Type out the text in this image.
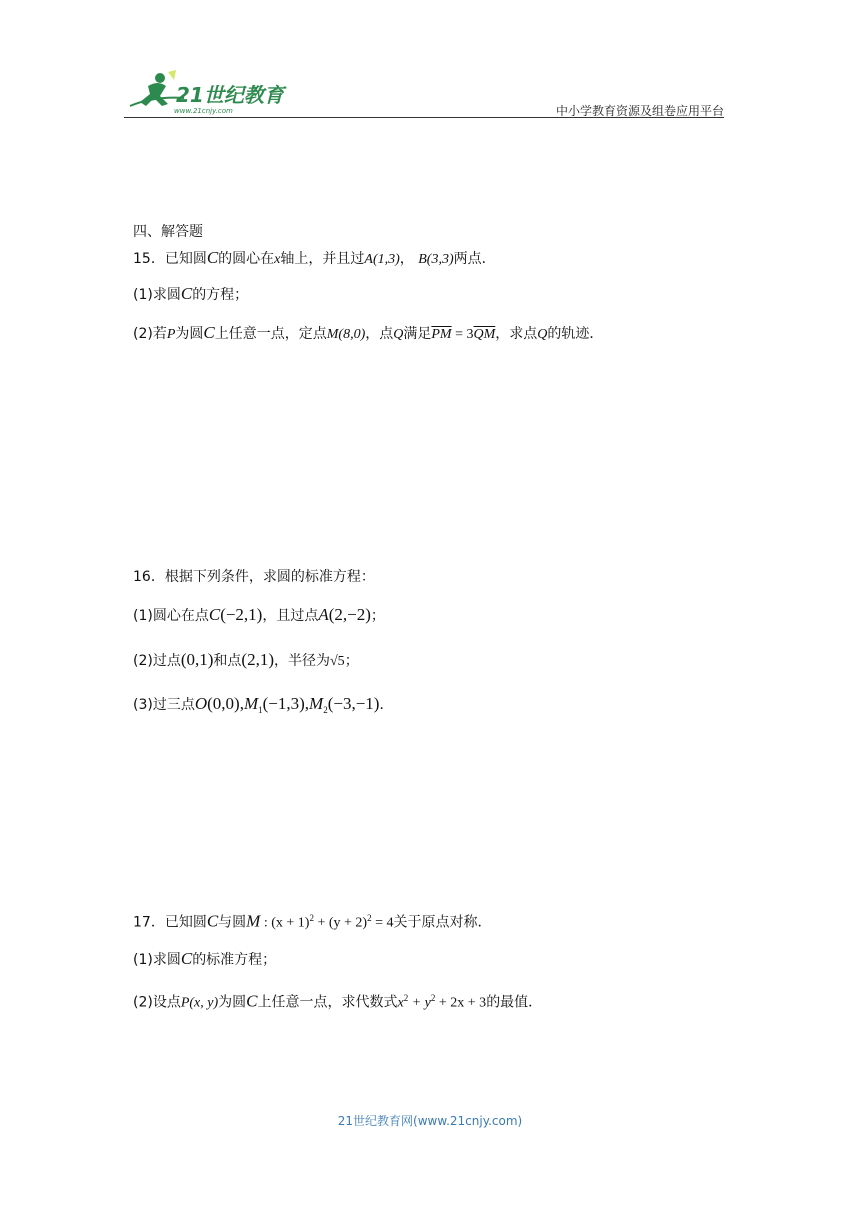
21世纪教育
www.21cnjy.com	中小学教育资源及组卷应用平台
四、解答题
15．已知圆C的圆心在x轴上，并且过A(1,3)， B(3,3)两点．
(1)求圆C的方程；
(2)若P为圆C上任意一点，定点M(8,0)，点Q满足$\overline{PM} = 3\overline{QM}$，求点Q的轨迹．
16．根据下列条件，求圆的标准方程：
(1)圆心在点C(−2,1)，且过点A(2,−2)；
(2)过点(0,1)和点(2,1)，半径为√5；
(3)过三点$O(0,0),M_1(-1,3),M_2(-3,-1)$．
17．已知圆C与圆M : $(x + 1)^2 + (y + 2)^2 = 4$关于原点对称．
(1)求圆C的标准方程；
(2)设点P(x, y)为圆C上任意一点，求代数式$x^2 + y^2 + 2x + 3$的最值．
21世纪教育网(www.21cnjy.com)
